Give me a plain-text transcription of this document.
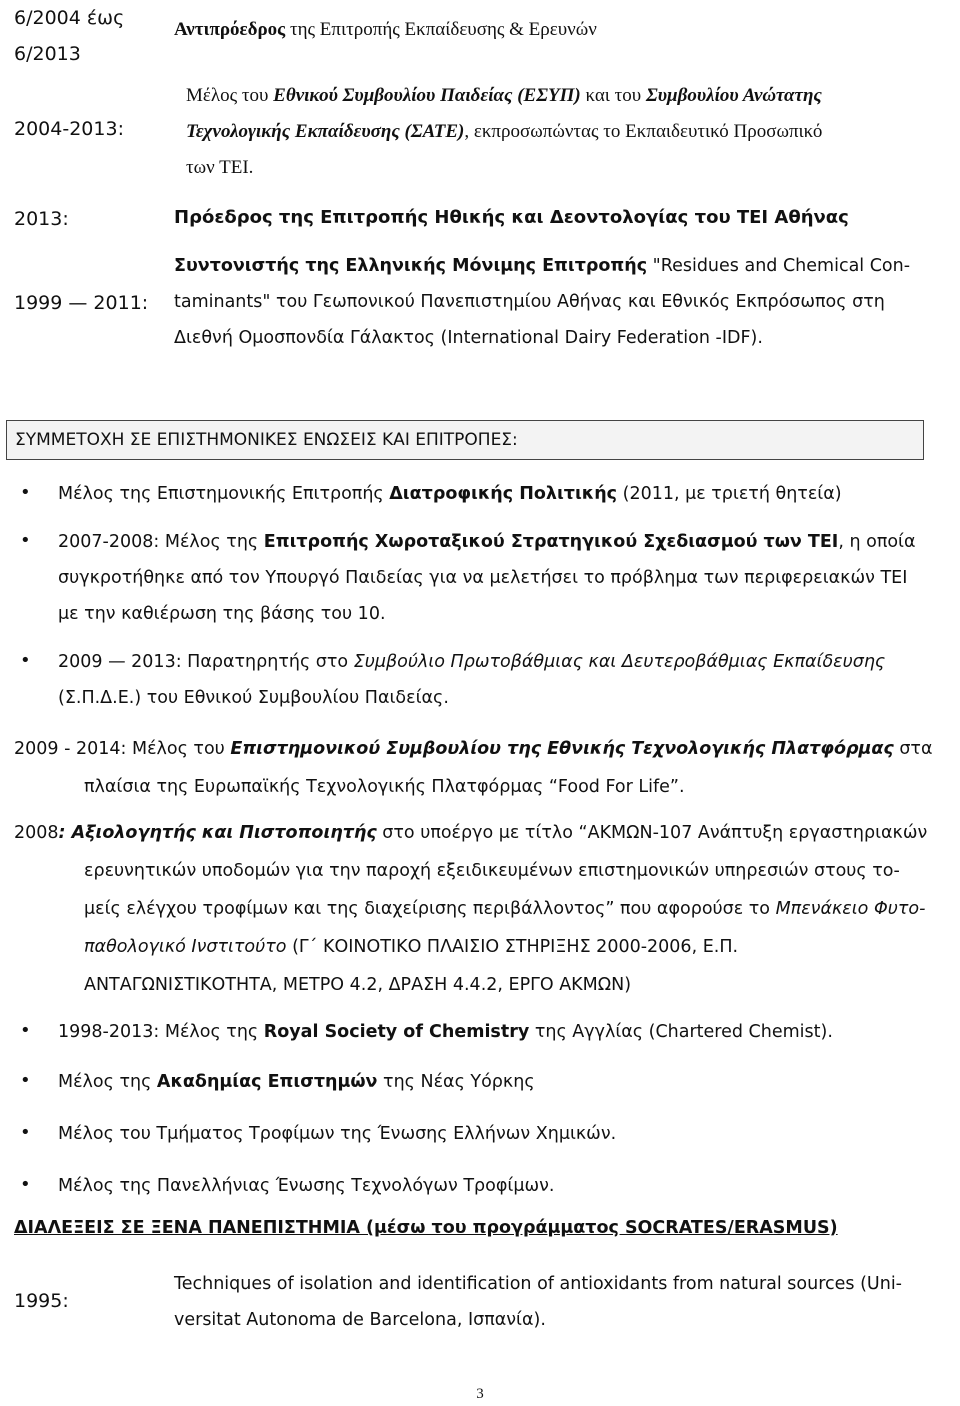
6/2004 έως
6/2013
Αντιπρόεδρος της Επιτροπής Εκπαίδευσης & Ερευνών
2004-2013:
Μέλος του Εθνικού Συμβουλίου Παιδείας (ΕΣΥΠ) και του Συμβουλίου Ανώτατης
Τεχνολογικής Εκπαίδευσης (ΣΑΤΕ), εκπροσωπώντας το Εκπαιδευτικό Προσωπικό
των ΤΕΙ.
2013:	Πρόεδρος της Επιτροπής Ηθικής και Δεοντολογίας του ΤΕΙ Αθήνας
1999 — 2011:
Συντονιστής της Ελληνικής Μόνιμης Επιτροπής "Residues and Chemical Con-
taminants" του Γεωπονικού Πανεπιστημίου Αθήνας και Εθνικός Εκπρόσωπος στη
Διεθνή Ομοσπονδία Γάλακτος (International Dairy Federation -IDF).
ΣΥΜΜΕΤΟΧΗ ΣΕ ΕΠΙΣΤΗΜΟΝΙΚΕΣ ΕΝΩΣΕΙΣ ΚΑΙ ΕΠΙΤΡΟΠΕΣ:
• Μέλος της Επιστημονικής Επιτροπής Διατροφικής Πολιτικής (2011, με τριετή θητεία)
• 2007-2008: Μέλος της Επιτροπής Χωροταξικού Στρατηγικού Σχεδιασμού των ΤΕΙ, η οποία
συγκροτήθηκε από τον Υπουργό Παιδείας για να μελετήσει το πρόβλημα των περιφερειακών ΤΕΙ
με την καθιέρωση της βάσης του 10.
• 2009 — 2013: Παρατηρητής στο Συμβούλιο Πρωτοβάθμιας και Δευτεροβάθμιας Εκπαίδευσης
(Σ.Π.Δ.Ε.) του Εθνικού Συμβουλίου Παιδείας.
2009 - 2014: Μέλος του Επιστημονικού Συμβουλίου της Εθνικής Τεχνολογικής Πλατφόρμας στα
πλαίσια της Ευρωπαϊκής Τεχνολογικής Πλατφόρμας “Food For Life”.
2008: Αξιολογητής και Πιστοποιητής στο υποέργο με τίτλο “ΑΚΜΩΝ-107 Ανάπτυξη εργαστηριακών
ερευνητικών υποδομών για την παροχή εξειδικευμένων επιστημονικών υπηρεσιών στους το-
μείς ελέγχου τροφίμων και της διαχείρισης περιβάλλοντος” που αφορούσε το Μπενάκειο Φυτο-
παθολογικό Ινστιτούτο (Γ΄ ΚΟΙΝΟΤΙΚΟ ΠΛΑΙΣΙΟ ΣΤΗΡΙΞΗΣ 2000-2006, Ε.Π.
ΑΝΤΑΓΩΝΙΣΤΙΚΟΤΗΤΑ, ΜΕΤΡΟ 4.2, ΔΡΑΣΗ 4.4.2, ΕΡΓΟ ΑΚΜΩΝ)
• 1998-2013: Μέλος της Royal Society of Chemistry της Αγγλίας (Chartered Chemist).
• Μέλος της Ακαδημίας Επιστημών της Νέας Υόρκης
• Μέλος του Τμήματος Τροφίμων της Ένωσης Ελλήνων Χημικών.
• Μέλος της Πανελλήνιας Ένωσης Τεχνολόγων Τροφίμων.
ΔΙΑΛΕΞΕΙΣ ΣΕ ΞΕΝΑ ΠΑΝΕΠΙΣΤΗΜΙΑ (μέσω του προγράμματος SOCRATES/ERASMUS)
1995:
Techniques of isolation and identification of antioxidants from natural sources (Uni-
versitat Autonoma de Barcelona, Ισπανία).
3
